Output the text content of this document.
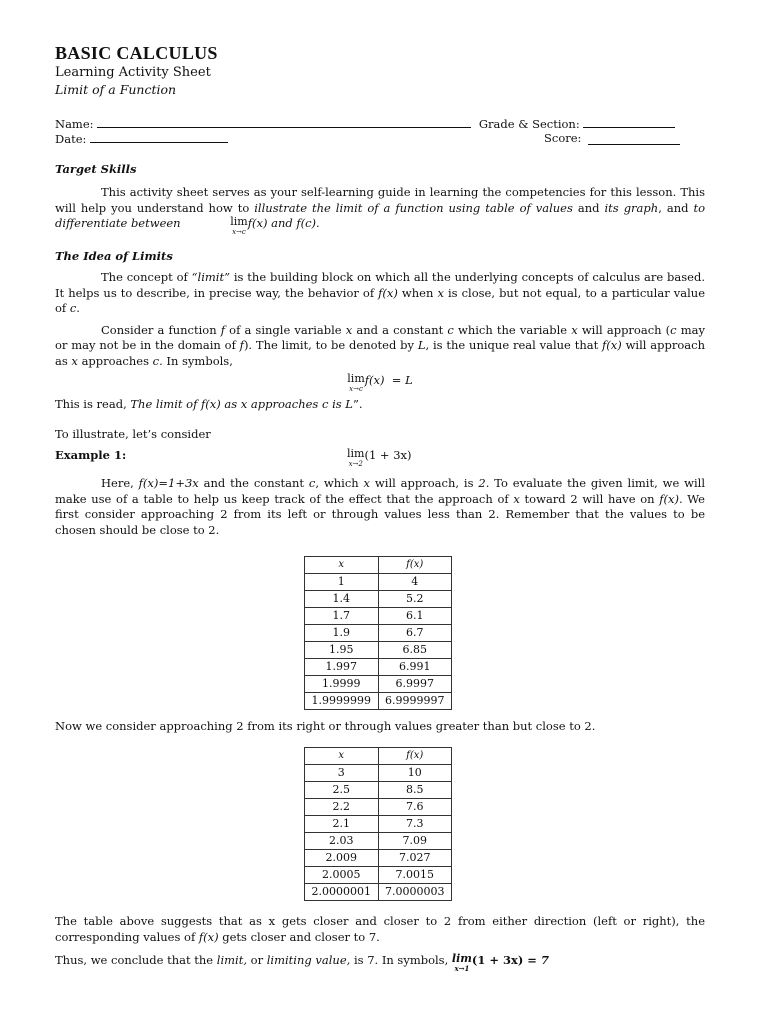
BASIC CALCULUS
Learning Activity Sheet
Limit of a Function
Name:	Grade & Section:
Date:	Score:
Target Skills

This activity sheet serves as your self-learning guide in learning the competencies for this lesson. This will help you understand how to illustrate the limit of a function using table of values and its graph, and to differentiate between	lim
x→c
f(x) and f(c).

The Idea of Limits

The concept of “limit” is the building block on which all the underlying concepts of calculus are based. It helps us to describe, in precise way, the behavior of f(x) when x is close, but not equal, to a particular value of c.

Consider a function f of a single variable x and a constant c which the variable x will approach (c may or may not be in the domain of f). The limit, to be denoted by L, is the unique real value that f(x) will approach as x approaches c. In symbols,

lim
x→c
f(x) = L

This is read, The limit of f(x) as x approaches c is L”.

To illustrate, let’s consider

Example 1:	lim
x→2
(1 + 3x)

Here, f(x)=1+3x and the constant c, which x will approach, is 2. To evaluate the given limit, we will make use of a table to help us keep track of the effect that the approach of x toward 2 will have on f(x). We first consider approaching 2 from its left or through values less than 2. Remember that the values to be chosen should be close to 2.

x	f(x)
1	4
1.4	5.2
1.7	6.1
1.9	6.7
1.95	6.85
1.997	6.991
1.9999	6.9997
1.9999999	6.9999997

Now we consider approaching 2 from its right or through values greater than but close to 2.

x	f(x)
3	10
2.5	8.5
2.2	7.6
2.1	7.3
2.03	7.09
2.009	7.027
2.0005	7.0015
2.0000001	7.0000003

The table above suggests that as x gets closer and closer to 2 from either direction (left or right), the corresponding values of f(x) gets closer and closer to 7.

Thus, we conclude that the limit, or limiting value, is 7. In symbols, lim
x→1
(1 + 3x) = 7
